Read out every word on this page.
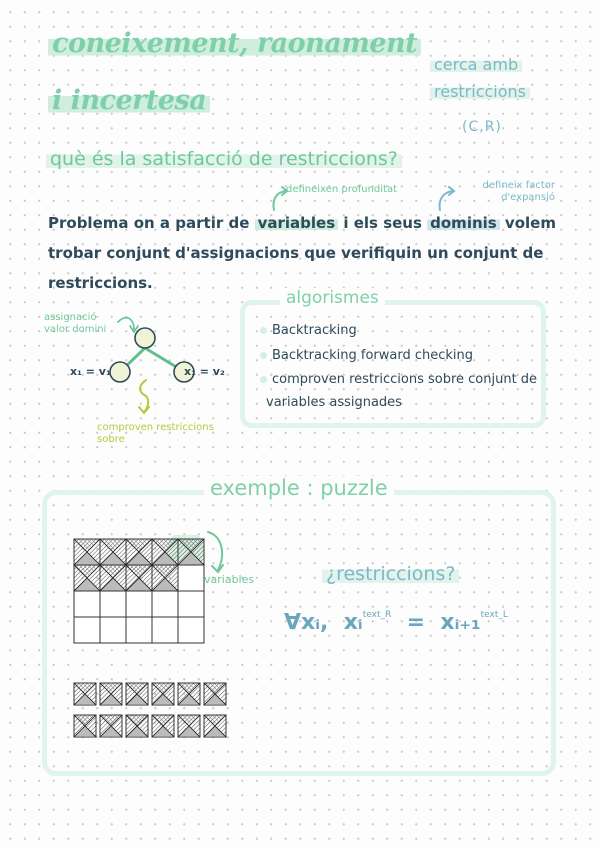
coneixement, raonament
i incertesa
cerca amb
restriccions
(C,R)
què és la satisfacció de restriccions?
defineixen profunditat	defineix factor d'expansió
Problema on a partir de variables i els seus dominis volem trobar conjunt d'assignacions que verifiquin un conjunt de restriccions.
assignació valor domini
x₁ = v₁	x₁ = v₂
comproven restriccions sobre
algorismes
Backtracking
Backtracking forward checking
comproven restriccions sobre conjunt de
variables assignades
exemple : puzzle
variables	¿restriccions?
∀xᵢ, xᵢ$^{text\_R}$ = xᵢ₊₁$^{text\_L}$
